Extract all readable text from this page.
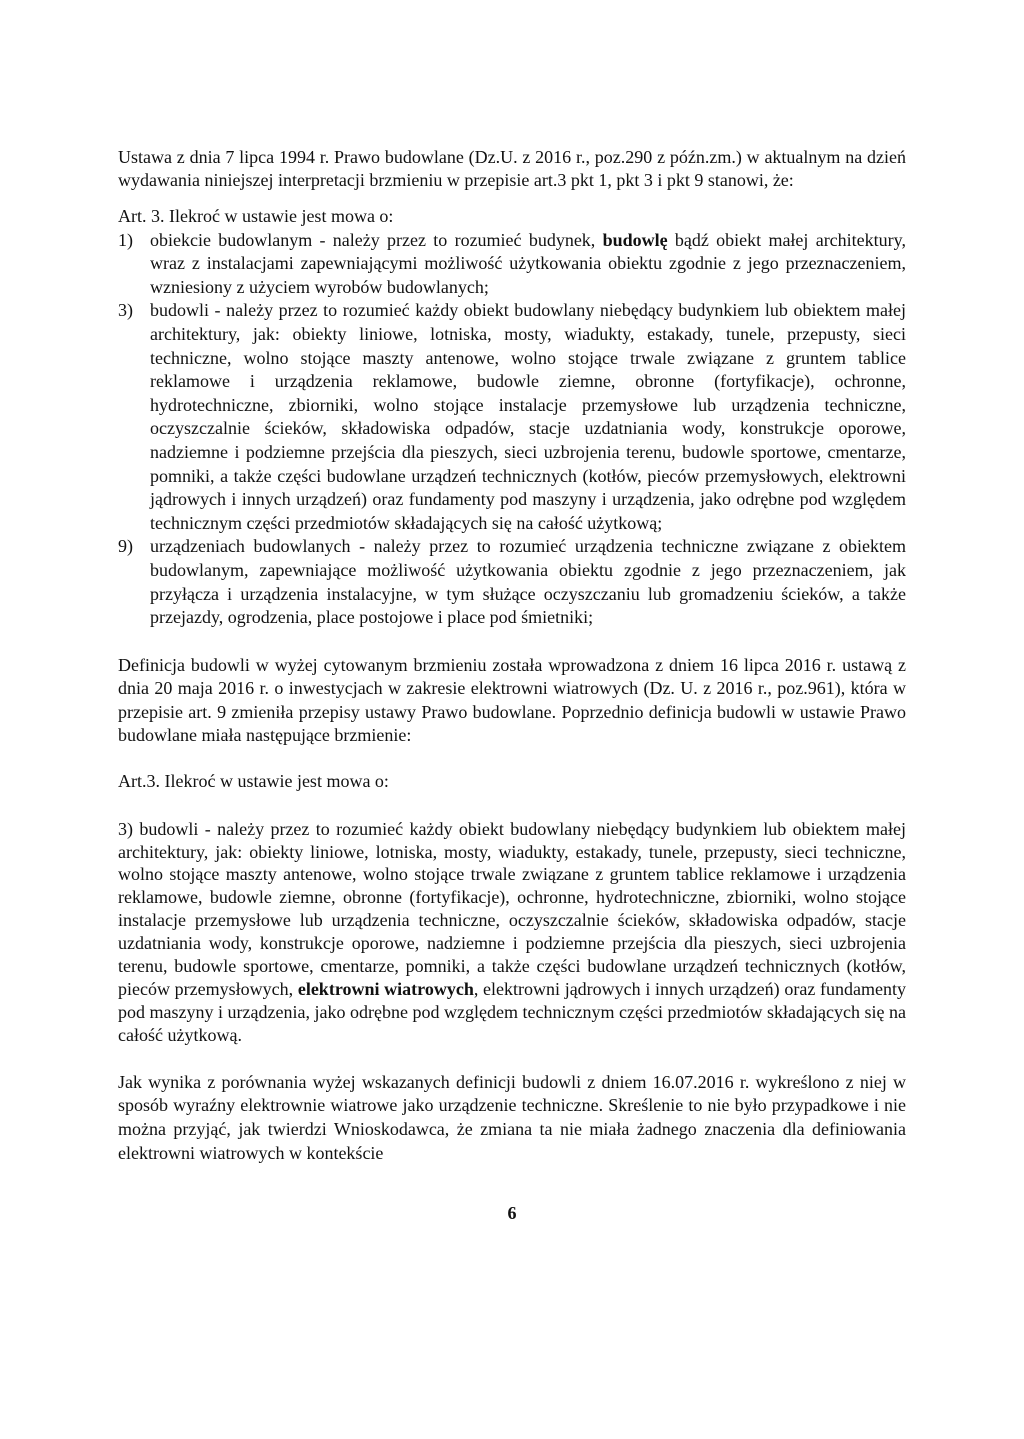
Ustawa z dnia 7 lipca 1994 r. Prawo budowlane (Dz.U. z 2016 r., poz.290 z późn.zm.) w aktualnym na dzień wydawania niniejszej interpretacji brzmieniu w przepisie art.3 pkt 1, pkt 3 i pkt 9 stanowi, że:

Art. 3. Ilekroć w ustawie jest mowa o:

1) obiekcie budowlanym - należy przez to rozumieć budynek, budowlę bądź obiekt małej architektury, wraz z instalacjami zapewniającymi możliwość użytkowania obiektu zgodnie z jego przeznaczeniem, wzniesiony z użyciem wyrobów budowlanych;
3) budowli - należy przez to rozumieć każdy obiekt budowlany niebędący budynkiem lub obiektem małej architektury, jak: obiekty liniowe, lotniska, mosty, wiadukty, estakady, tunele, przepusty, sieci techniczne, wolno stojące maszty antenowe, wolno stojące trwale związane z gruntem tablice reklamowe i urządzenia reklamowe, budowle ziemne, obronne (fortyfikacje), ochronne, hydrotechniczne, zbiorniki, wolno stojące instalacje przemysłowe lub urządzenia techniczne, oczyszczalnie ścieków, składowiska odpadów, stacje uzdatniania wody, konstrukcje oporowe, nadziemne i podziemne przejścia dla pieszych, sieci uzbrojenia terenu, budowle sportowe, cmentarze, pomniki, a także części budowlane urządzeń technicznych (kotłów, pieców przemysłowych, elektrowni jądrowych i innych urządzeń) oraz fundamenty pod maszyny i urządzenia, jako odrębne pod względem technicznym części przedmiotów składających się na całość użytkową;
9) urządzeniach budowlanych - należy przez to rozumieć urządzenia techniczne związane z obiektem budowlanym, zapewniające możliwość użytkowania obiektu zgodnie z jego przeznaczeniem, jak przyłącza i urządzenia instalacyjne, w tym służące oczyszczaniu lub gromadzeniu ścieków, a także przejazdy, ogrodzenia, place postojowe i place pod śmietniki;

Definicja budowli w wyżej cytowanym brzmieniu została wprowadzona z dniem 16 lipca 2016 r. ustawą z dnia 20 maja 2016 r. o inwestycjach w zakresie elektrowni wiatrowych (Dz. U. z 2016 r., poz.961), która w przepisie art. 9 zmieniła przepisy ustawy Prawo budowlane. Poprzednio definicja budowli w ustawie Prawo budowlane miała następujące brzmienie:

Art.3. Ilekroć w ustawie jest mowa o:

3) budowli - należy przez to rozumieć każdy obiekt budowlany niebędący budynkiem lub obiektem małej architektury, jak: obiekty liniowe, lotniska, mosty, wiadukty, estakady, tunele, przepusty, sieci techniczne, wolno stojące maszty antenowe, wolno stojące trwale związane z gruntem tablice reklamowe i urządzenia reklamowe, budowle ziemne, obronne (fortyfikacje), ochronne, hydrotechniczne, zbiorniki, wolno stojące instalacje przemysłowe lub urządzenia techniczne, oczyszczalnie ścieków, składowiska odpadów, stacje uzdatniania wody, konstrukcje oporowe, nadziemne i podziemne przejścia dla pieszych, sieci uzbrojenia terenu, budowle sportowe, cmentarze, pomniki, a także części budowlane urządzeń technicznych (kotłów, pieców przemysłowych, elektrowni wiatrowych, elektrowni jądrowych i innych urządzeń) oraz fundamenty pod maszyny i urządzenia, jako odrębne pod względem technicznym części przedmiotów składających się na całość użytkową.

Jak wynika z porównania wyżej wskazanych definicji budowli z dniem 16.07.2016 r. wykreślono z niej w sposób wyraźny elektrownie wiatrowe jako urządzenie techniczne. Skreślenie to nie było przypadkowe i nie można przyjąć, jak twierdzi Wnioskodawca, że zmiana ta nie miała żadnego znaczenia dla definiowania elektrowni wiatrowych w kontekście

6
